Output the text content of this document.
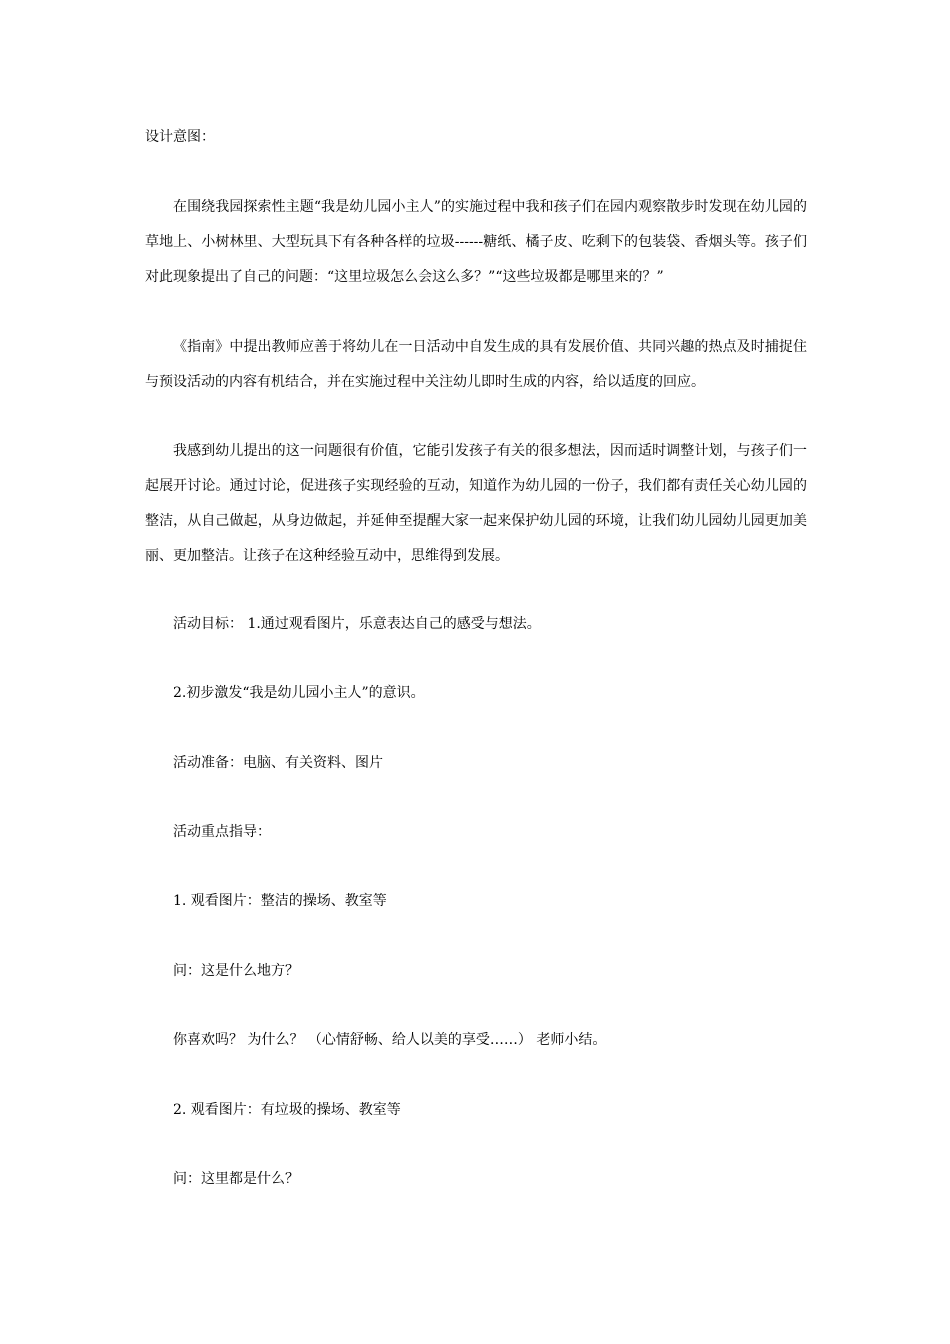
设计意图：

在围绕我园探索性主题“我是幼儿园小主人”的实施过程中我和孩子们在园内观察散步时发现在幼儿园的草地上、小树林里、大型玩具下有各种各样的垃圾------糖纸、橘子皮、吃剩下的包装袋、香烟头等。孩子们对此现象提出了自己的问题：“这里垃圾怎么会这么多？”“这些垃圾都是哪里来的？”

《指南》中提出教师应善于将幼儿在一日活动中自发生成的具有发展价值、共同兴趣的热点及时捕捉住与预设活动的内容有机结合，并在实施过程中关注幼儿即时生成的内容，给以适度的回应。

我感到幼儿提出的这一问题很有价值，它能引发孩子有关的很多想法，因而适时调整计划，与孩子们一起展开讨论。通过讨论，促进孩子实现经验的互动，知道作为幼儿园的一份子，我们都有责任关心幼儿园的整洁，从自己做起，从身边做起，并延伸至提醒大家一起来保护幼儿园的环境，让我们幼儿园幼儿园更加美丽、更加整洁。让孩子在这种经验互动中，思维得到发展。

活动目标： 1.通过观看图片，乐意表达自己的感受与想法。

2.初步激发“我是幼儿园小主人”的意识。

活动准备：电脑、有关资料、图片

活动重点指导：

1. 观看图片：整洁的操场、教室等

问：这是什么地方？

你喜欢吗？ 为什么？ （心情舒畅、给人以美的享受……） 老师小结。

2. 观看图片：有垃圾的操场、教室等

问：这里都是什么？
